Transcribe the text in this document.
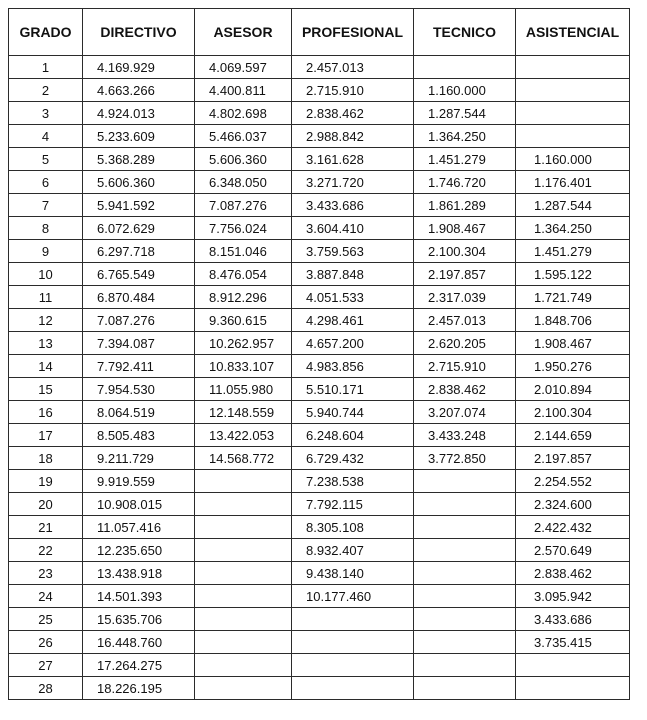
GRADO	DIRECTIVO	ASESOR	PROFESIONAL	TECNICO	ASISTENCIAL
1	4.169.929	4.069.597	2.457.013		
2	4.663.266	4.400.811	2.715.910	1.160.000	
3	4.924.013	4.802.698	2.838.462	1.287.544	
4	5.233.609	5.466.037	2.988.842	1.364.250	
5	5.368.289	5.606.360	3.161.628	1.451.279	1.160.000
6	5.606.360	6.348.050	3.271.720	1.746.720	1.176.401
7	5.941.592	7.087.276	3.433.686	1.861.289	1.287.544
8	6.072.629	7.756.024	3.604.410	1.908.467	1.364.250
9	6.297.718	8.151.046	3.759.563	2.100.304	1.451.279
10	6.765.549	8.476.054	3.887.848	2.197.857	1.595.122
11	6.870.484	8.912.296	4.051.533	2.317.039	1.721.749
12	7.087.276	9.360.615	4.298.461	2.457.013	1.848.706
13	7.394.087	10.262.957	4.657.200	2.620.205	1.908.467
14	7.792.411	10.833.107	4.983.856	2.715.910	1.950.276
15	7.954.530	11.055.980	5.510.171	2.838.462	2.010.894
16	8.064.519	12.148.559	5.940.744	3.207.074	2.100.304
17	8.505.483	13.422.053	6.248.604	3.433.248	2.144.659
18	9.211.729	14.568.772	6.729.432	3.772.850	2.197.857
19	9.919.559		7.238.538		2.254.552
20	10.908.015		7.792.115		2.324.600
21	11.057.416		8.305.108		2.422.432
22	12.235.650		8.932.407		2.570.649
23	13.438.918		9.438.140		2.838.462
24	14.501.393		10.177.460		3.095.942
25	15.635.706				3.433.686
26	16.448.760				3.735.415
27	17.264.275				
28	18.226.195				
